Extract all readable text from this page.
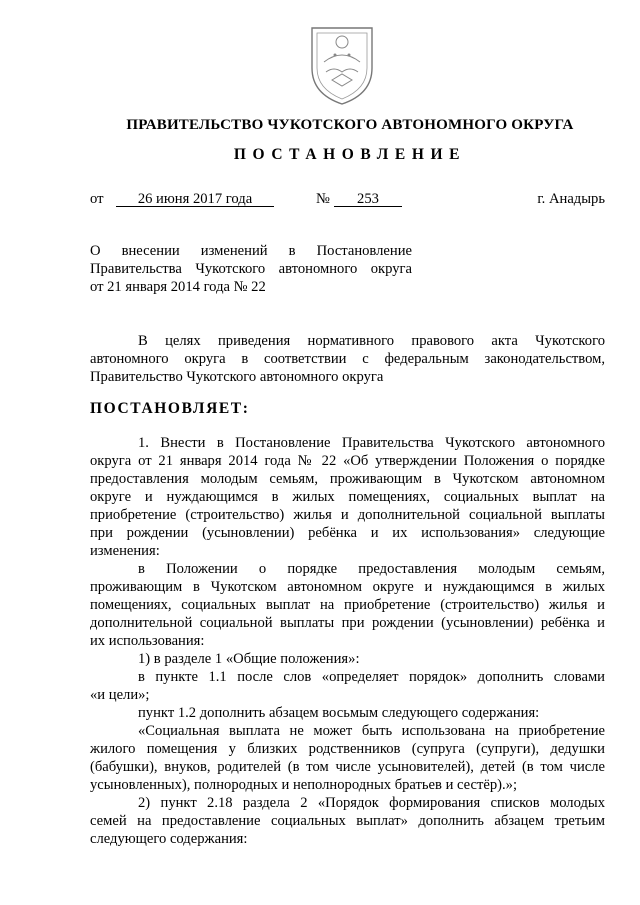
ПРАВИТЕЛЬСТВО ЧУКОТСКОГО АВТОНОМНОГО ОКРУГА
ПОСТАНОВЛЕНИЕ
от	26 июня 2017 года	№	253	г. Анадырь
О внесении изменений в Постановление
Правительства Чукотского автономного округа
от 21 января 2014 года № 22
В целях приведения нормативного правового акта Чукотского
автономного округа в соответствии с федеральным законодательством,
Правительство Чукотского автономного округа
ПОСТАНОВЛЯЕТ:
1. Внести в Постановление Правительства Чукотского автономного
округа от 21 января 2014 года № 22 «Об утверждении Положения о порядке
предоставления молодым семьям, проживающим в Чукотском автономном
округе и нуждающимся в жилых помещениях, социальных выплат на
приобретение (строительство) жилья и дополнительной социальной выплаты
при рождении (усыновлении) ребёнка и их использования» следующие
изменения:
в Положении о порядке предоставления молодым семьям,
проживающим в Чукотском автономном округе и нуждающимся в жилых
помещениях, социальных выплат на приобретение (строительство) жилья и
дополнительной социальной выплаты при рождении (усыновлении) ребёнка и
их использования:
1) в разделе 1 «Общие положения»:
в пункте 1.1 после слов «определяет порядок» дополнить словами
«и цели»;
пункт 1.2 дополнить абзацем восьмым следующего содержания:
«Социальная выплата не может быть использована на приобретение
жилого помещения у близких родственников (супруга (супруги), дедушки
(бабушки), внуков, родителей (в том числе усыновителей), детей (в том числе
усыновленных), полнородных и неполнородных братьев и сестёр).»;
2) пункт 2.18 раздела 2 «Порядок формирования списков молодых
семей на предоставление социальных выплат» дополнить абзацем третьим
следующего содержания:
